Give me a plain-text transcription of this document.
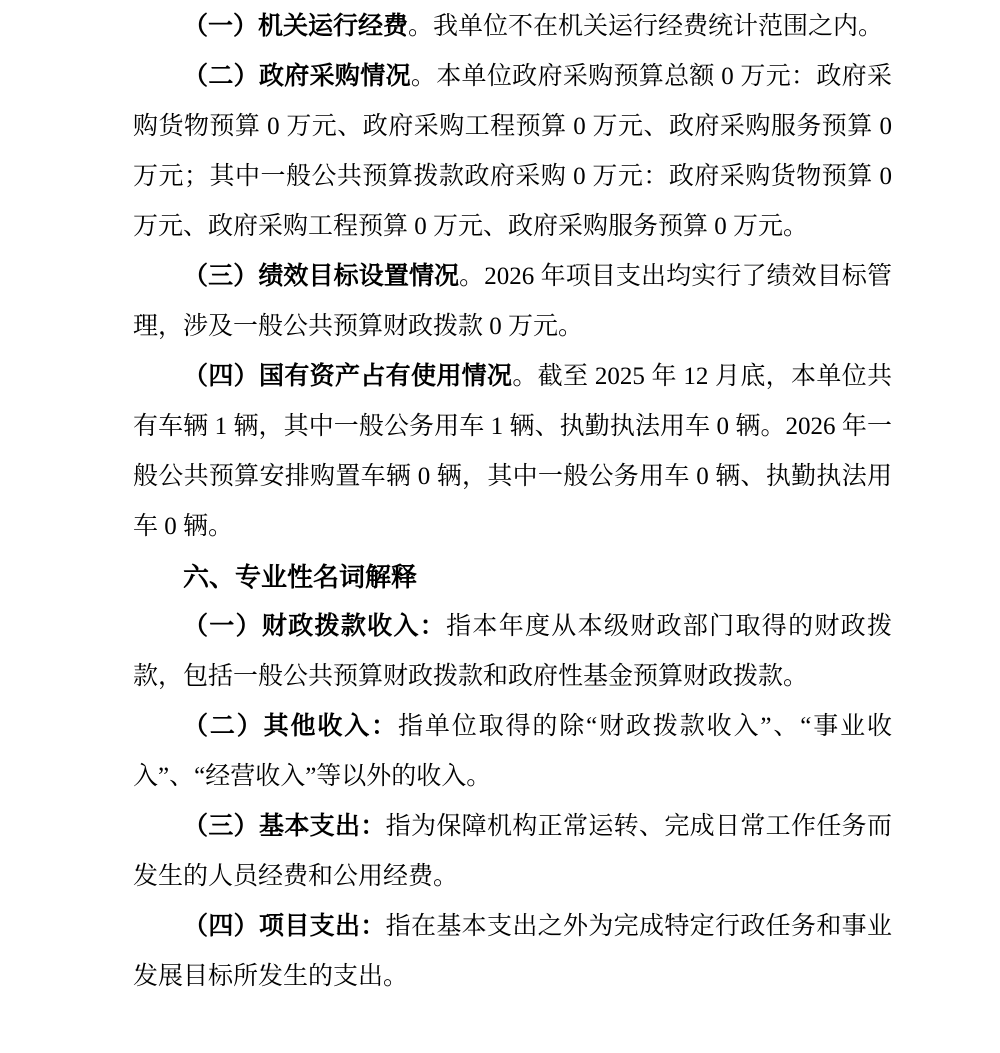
（一）机关运行经费。我单位不在机关运行经费统计范围之内。

（二）政府采购情况。本单位政府采购预算总额 0 万元：政府采购货物预算 0 万元、政府采购工程预算 0 万元、政府采购服务预算 0 万元；其中一般公共预算拨款政府采购 0 万元：政府采购货物预算 0 万元、政府采购工程预算 0 万元、政府采购服务预算 0 万元。

（三）绩效目标设置情况。2026 年项目支出均实行了绩效目标管理，涉及一般公共预算财政拨款 0 万元。

（四）国有资产占有使用情况。截至 2025 年 12 月底，本单位共有车辆 1 辆，其中一般公务用车 1 辆、执勤执法用车 0 辆。2026 年一般公共预算安排购置车辆 0 辆，其中一般公务用车 0 辆、执勤执法用车 0 辆。

六、专业性名词解释

（一）财政拨款收入：指本年度从本级财政部门取得的财政拨款，包括一般公共预算财政拨款和政府性基金预算财政拨款。

（二）其他收入：指单位取得的除“财政拨款收入”、“事业收入”、“经营收入”等以外的收入。

（三）基本支出：指为保障机构正常运转、完成日常工作任务而发生的人员经费和公用经费。

（四）项目支出：指在基本支出之外为完成特定行政任务和事业发展目标所发生的支出。
